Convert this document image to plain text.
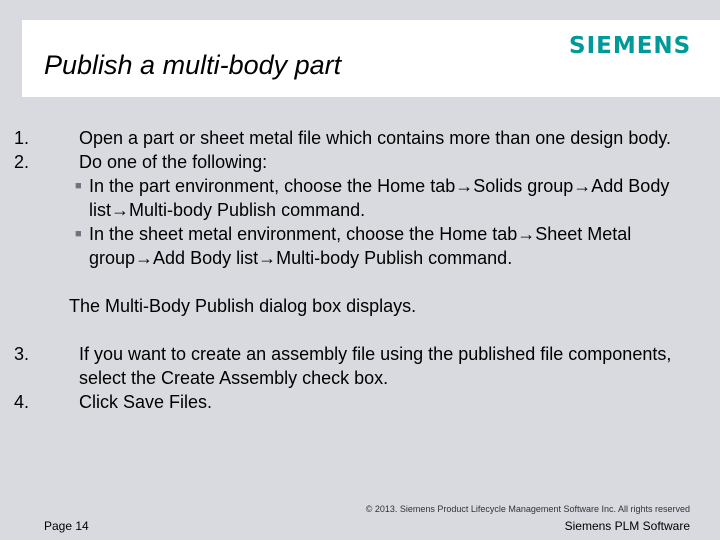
Publish a multi-body part
SIEMENS
1.	Open a part or sheet metal file which contains more than one design body.
2.	Do one of the following:
■ In the part environment, choose the Home tab→Solids group→Add Body list→Multi-body Publish command.
■ In the sheet metal environment, choose the Home tab→Sheet Metal group→Add Body list→Multi-body Publish command.
The Multi-Body Publish dialog box displays.
3.	If you want to create an assembly file using the published file components, select the Create Assembly check box.
4.	Click Save Files.
© 2013. Siemens Product Lifecycle Management Software Inc. All rights reserved
Page 14	Siemens PLM Software
